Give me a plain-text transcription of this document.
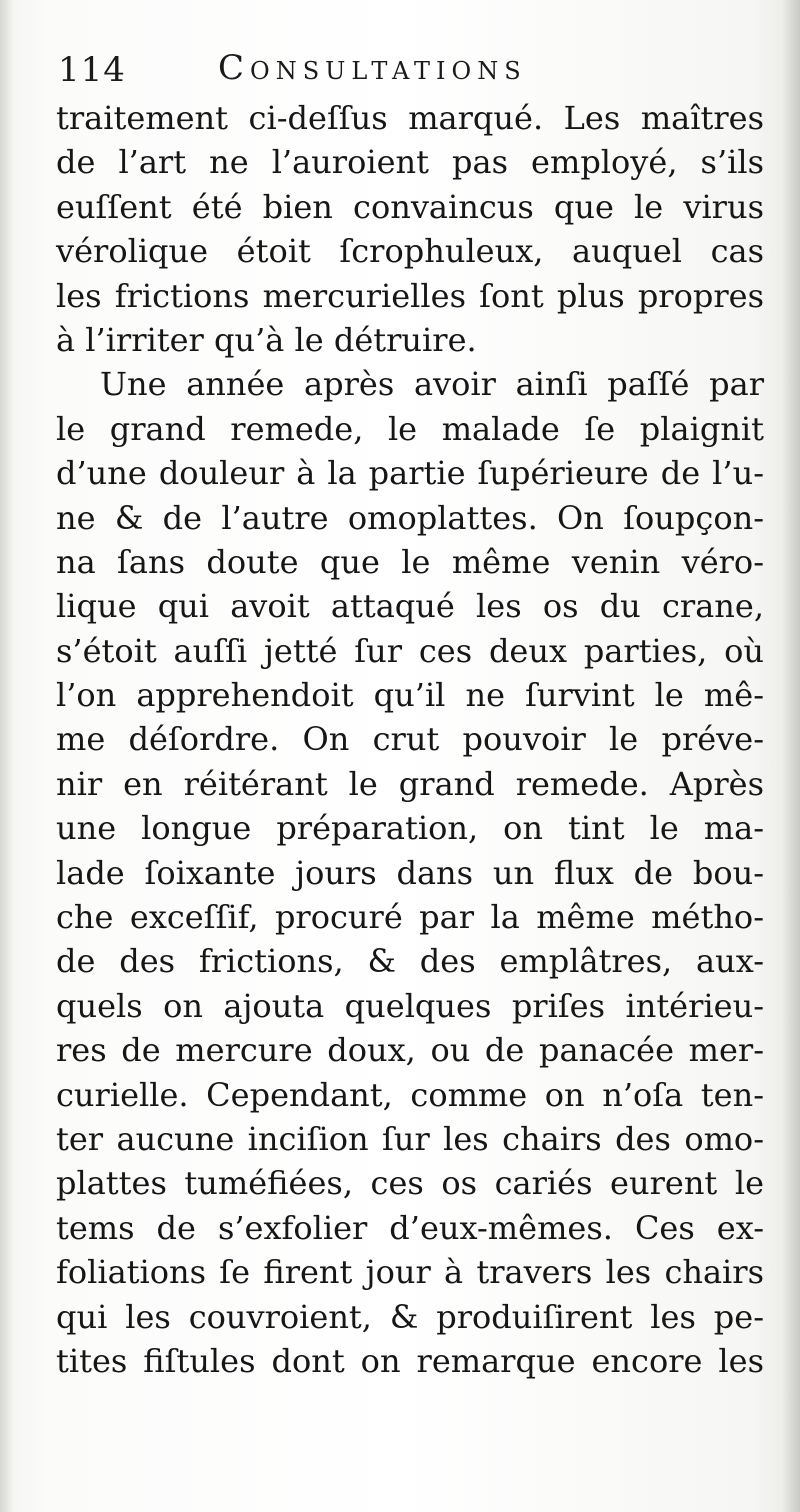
114	Consultations
traitement ci-deſſus marqué. Les maîtres
de l’art ne l’auroient pas employé, s’ils
euſſent été bien convaincus que le virus
vérolique étoit ſcrophuleux, auquel cas
les frictions mercurielles ſont plus propres
à l’irriter qu’à le détruire.
Une année après avoir ainſi paſſé par
le grand remede, le malade ſe plaignit
d’une douleur à la partie ſupérieure de l’u-
ne & de l’autre omoplattes. On ſoupçon-
na ſans doute que le même venin véro-
lique qui avoit attaqué les os du crane,
s’étoit auſſi jetté ſur ces deux parties, où
l’on apprehendoit qu’il ne ſurvint le mê-
me déſordre. On crut pouvoir le préve-
nir en réitérant le grand remede. Après
une longue préparation, on tint le ma-
lade ſoixante jours dans un flux de bou-
che exceſſif, procuré par la même métho-
de des frictions, & des emplâtres, aux-
quels on ajouta quelques priſes intérieu-
res de mercure doux, ou de panacée mer-
curielle. Cependant, comme on n’oſa ten-
ter aucune inciſion ſur les chairs des omo-
plattes tuméfiées, ces os cariés eurent le
tems de s’exfolier d’eux-mêmes. Ces ex-
foliations ſe firent jour à travers les chairs
qui les couvroient, & produiſirent les pe-
tites fiſtules dont on remarque encore les
